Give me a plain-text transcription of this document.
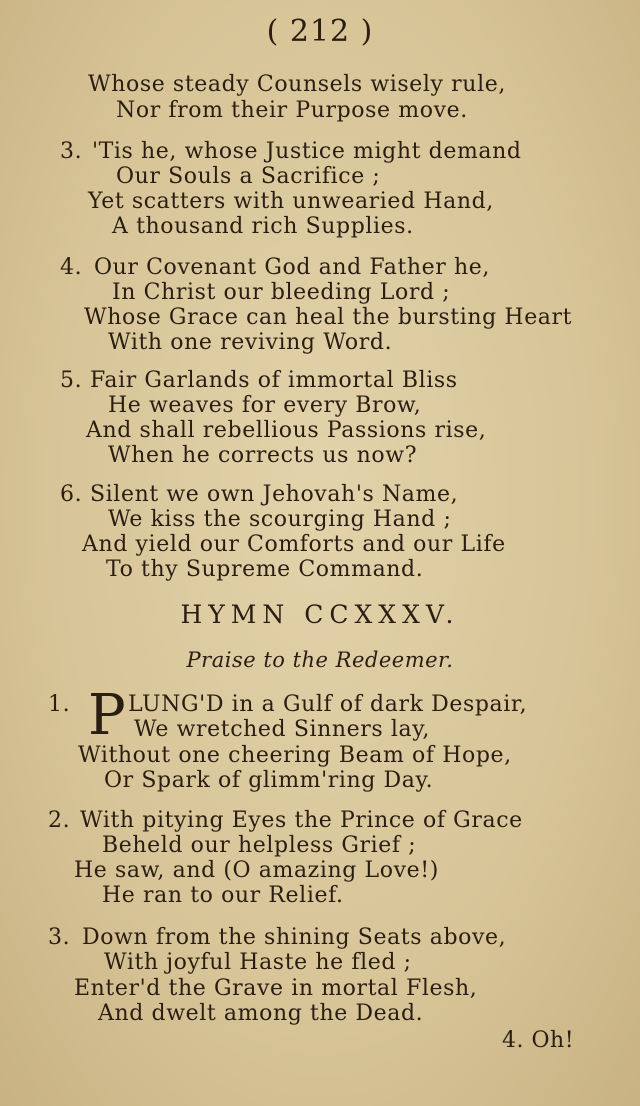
( 212 )
Whose steady Counsels wisely rule,
Nor from their Purpose move.
3. 'Tis he, whose Justice might demand
Our Souls a Sacrifice ;
Yet scatters with unwearied Hand,
A thousand rich Supplies.
4. Our Covenant God and Father he,
In Christ our bleeding Lord ;
Whose Grace can heal the bursting Heart
With one reviving Word.
5. Fair Garlands of immortal Bliss
He weaves for every Brow,
And shall rebellious Passions rise,
When he corrects us now?
6. Silent we own Jehovah's Name,
We kiss the scourging Hand ;
And yield our Comforts and our Life
To thy Supreme Command.
HYMN CCXXXV.
Praise to the Redeemer.
1. P LUNG'D in a Gulf of dark Despair,
We wretched Sinners lay,
Without one cheering Beam of Hope,
Or Spark of glimm'ring Day.
2. With pitying Eyes the Prince of Grace
Beheld our helpless Grief ;
He saw, and (O amazing Love!)
He ran to our Relief.
3. Down from the shining Seats above,
With joyful Haste he fled ;
Enter'd the Grave in mortal Flesh,
And dwelt among the Dead.
4. Oh!
